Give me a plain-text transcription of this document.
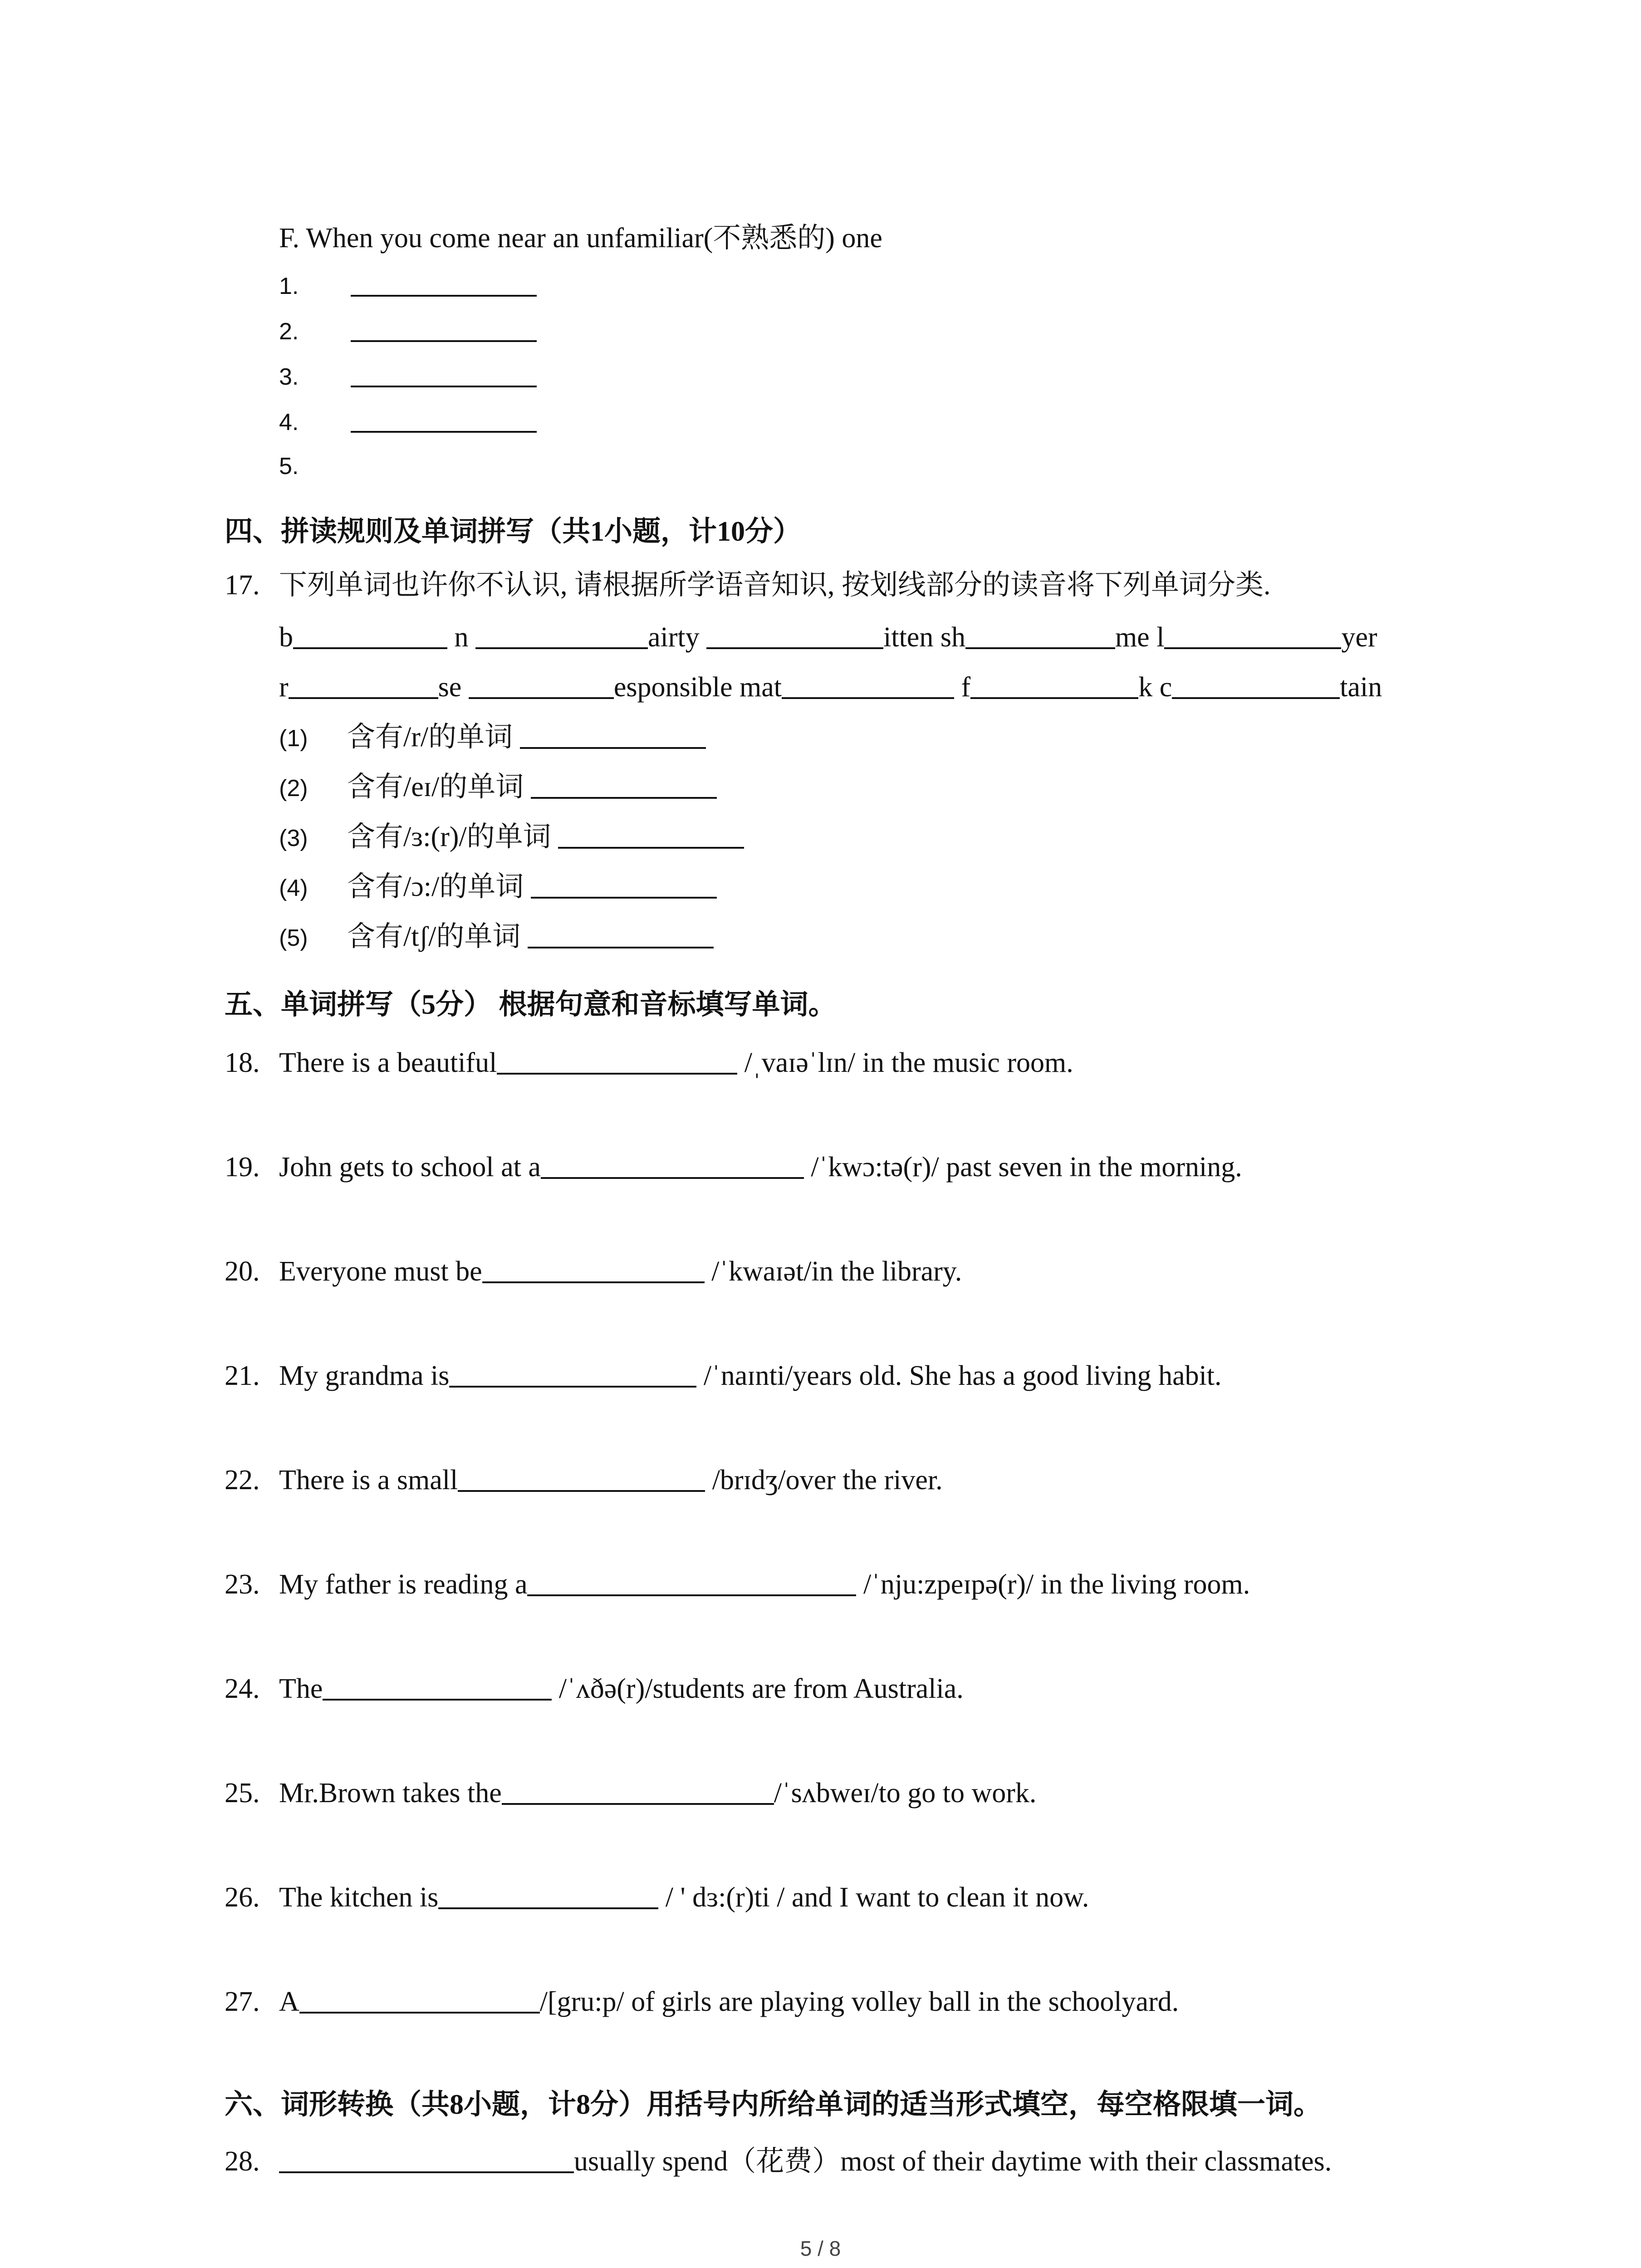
F. When you come near an unfamiliar(不熟悉的) one
1.
2.
3.
4.
5.
四、拼读规则及单词拼写（共1小题，计10分）
17. 下列单词也许你不认识, 请根据所学语音知识, 按划线部分的读音将下列单词分类.
b	n	airty	itten sh	me l	yer
r	se	esponsible mat	f	k c	tain
(1) 含有/r/的单词
(2) 含有/eɪ/的单词
(3) 含有/ɜ:(r)/的单词
(4) 含有/ɔ:/的单词
(5) 含有/tʃ/的单词
五、单词拼写（5分） 根据句意和音标填写单词。
18. There is a beautiful	/ˌvaɪəˈlɪn/ in the music room.
19. John gets to school at a	/ˈkwɔ:tə(r)/ past seven in the morning.
20. Everyone must be	/ˈkwaɪət/in the library.
21. My grandma is	/ˈnaɪnti/years old. She has a good living habit.
22. There is a small	/brɪdʒ/over the river.
23. My father is reading a	/ˈnju:zpeɪpə(r)/ in the living room.
24. The	/ˈʌðə(r)/students are from Australia.
25. Mr.Brown takes the	/ˈsʌbweɪ/to go to work.
26. The kitchen is	/ ' dɜ:(r)ti / and I want to clean it now.
27. A	/[gru:p/ of girls are playing volley ball in the schoolyard.
六、词形转换（共8小题，计8分）用括号内所给单词的适当形式填空，每空格限填一词。
28.	usually spend（花费）most of their daytime with their classmates.
5 / 8
